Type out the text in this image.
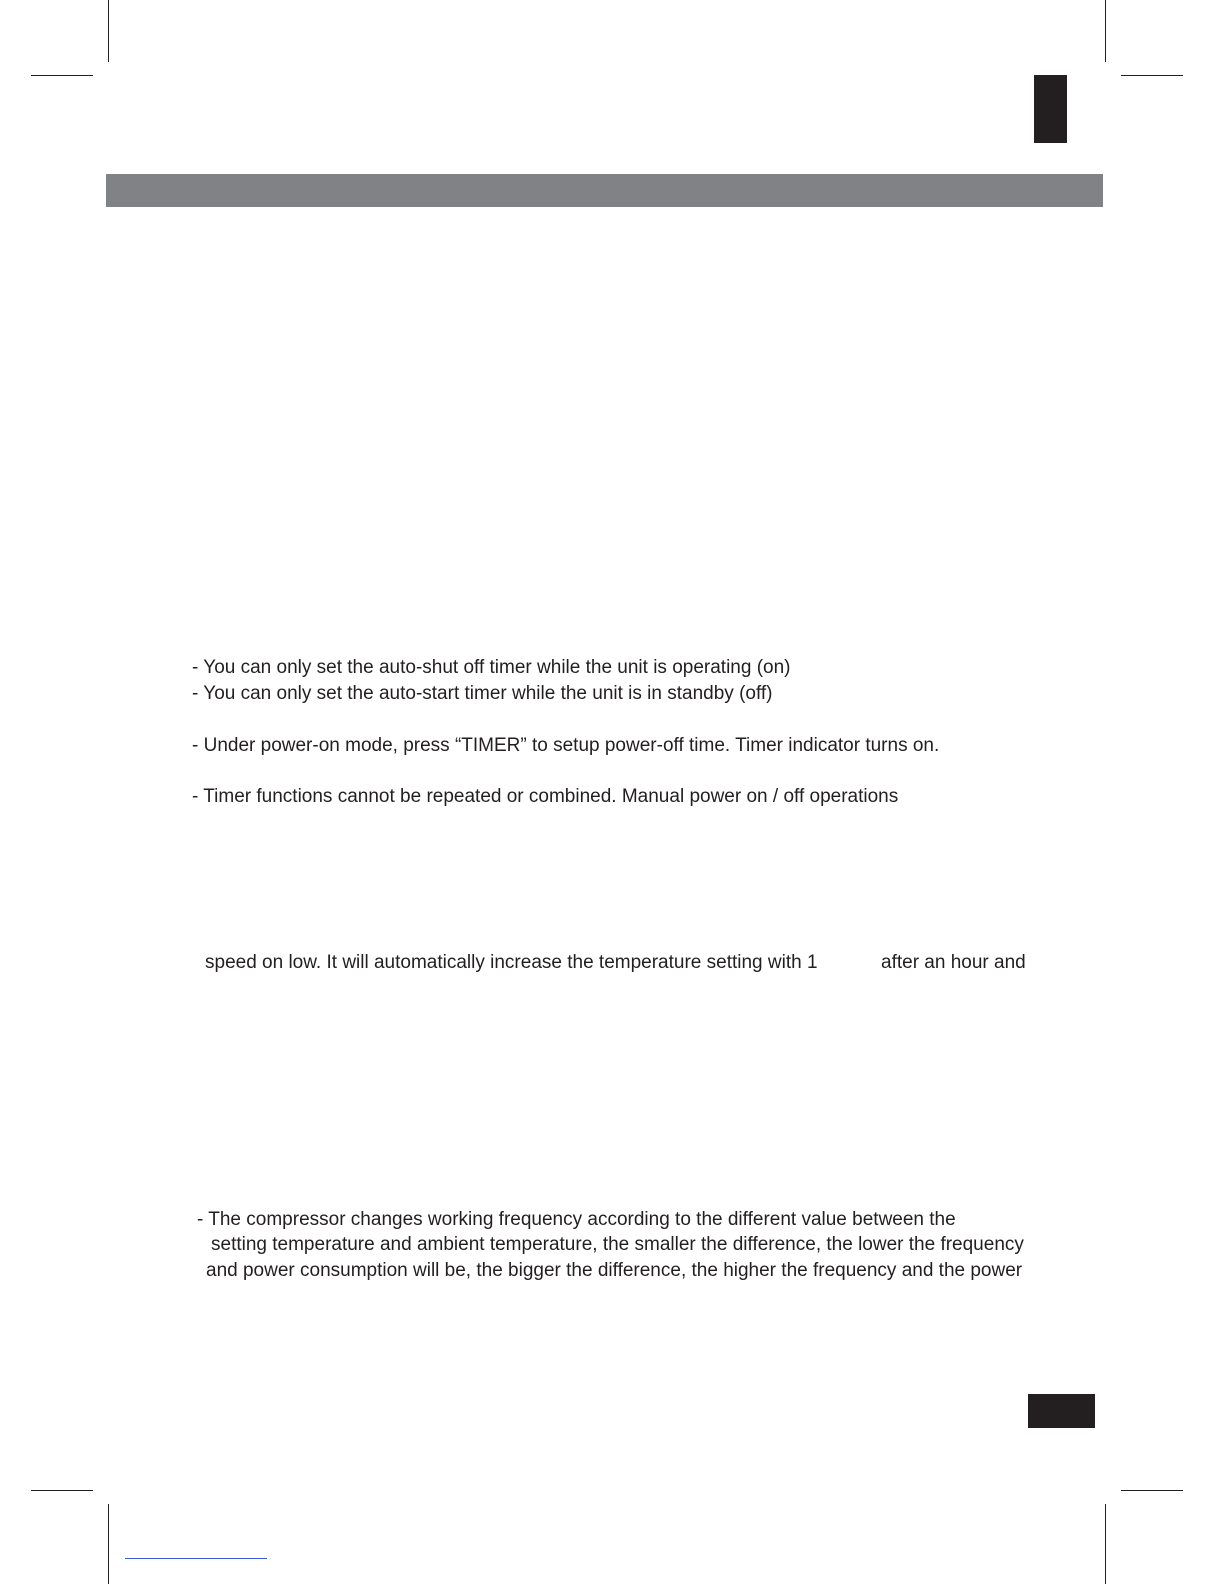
- You can only set the auto-shut off timer while the unit is operating (on)
- You can only set the auto-start timer while the unit is in standby (off)
- Under power-on mode, press “TIMER” to setup power-off time. Timer indicator turns on.
- Timer functions cannot be repeated or combined. Manual power on / off operations
speed on low. It will automatically increase the temperature setting with 1	after an hour and
- The compressor changes working frequency according to the different value between the
setting temperature and ambient temperature, the smaller the difference, the lower the frequency
and power consumption will be, the bigger the difference, the higher the frequency and the power
